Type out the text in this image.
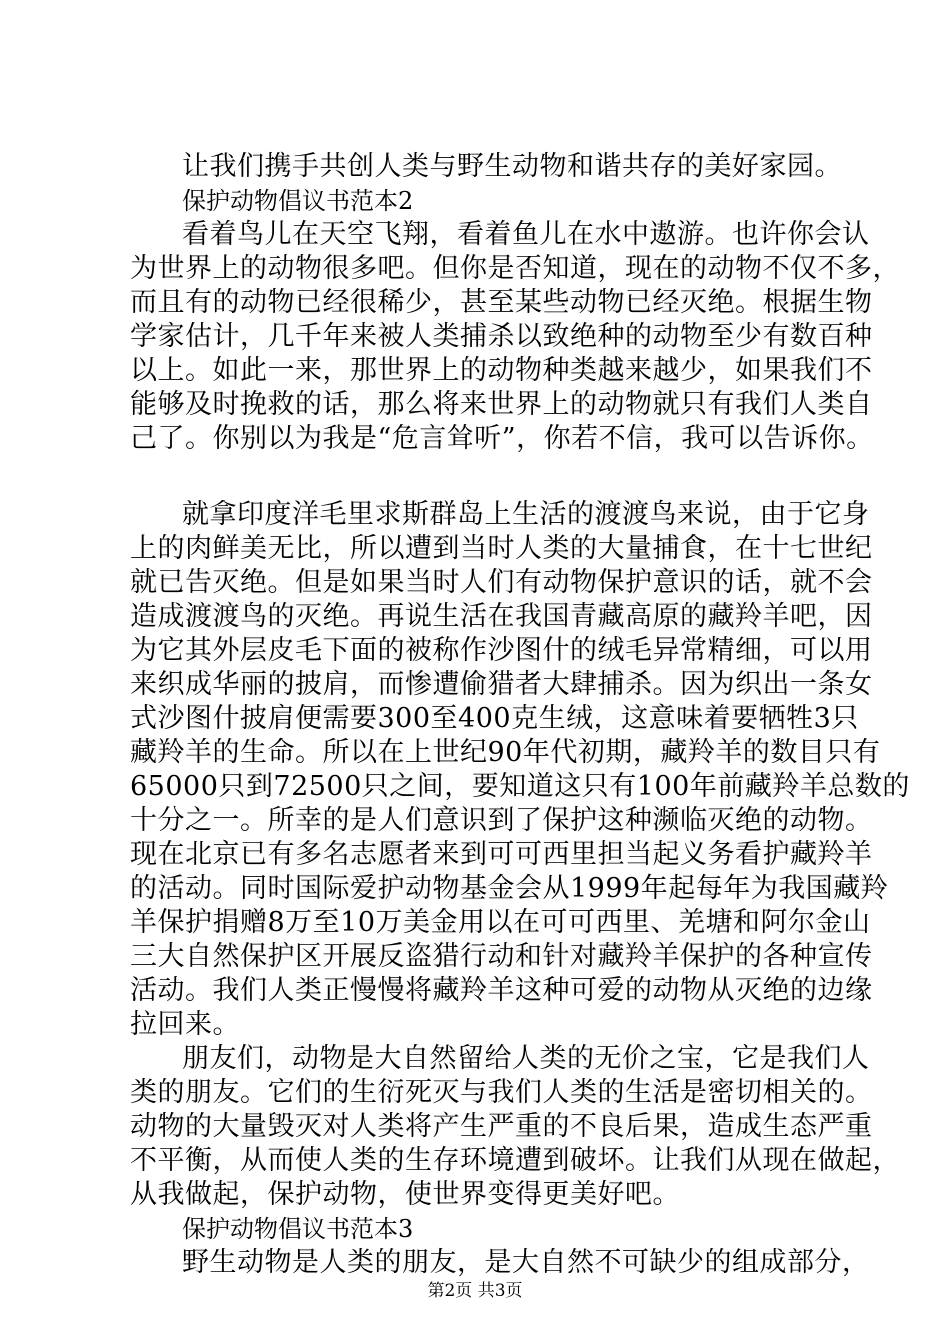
让我们携手共创人类与野生动物和谐共存的美好家园。
保护动物倡议书范本2
看着鸟儿在天空飞翔，看着鱼儿在水中遨游。也许你会认
为世界上的动物很多吧。但你是否知道，现在的动物不仅不多，
而且有的动物已经很稀少，甚至某些动物已经灭绝。根据生物
学家估计，几千年来被人类捕杀以致绝种的动物至少有数百种
以上。如此一来，那世界上的动物种类越来越少，如果我们不
能够及时挽救的话，那么将来世界上的动物就只有我们人类自
己了。你别以为我是“危言耸听”，你若不信，我可以告诉你。
就拿印度洋毛里求斯群岛上生活的渡渡鸟来说，由于它身
上的肉鲜美无比，所以遭到当时人类的大量捕食，在十七世纪
就已告灭绝。但是如果当时人们有动物保护意识的话，就不会
造成渡渡鸟的灭绝。再说生活在我国青藏高原的藏羚羊吧，因
为它其外层皮毛下面的被称作沙图什的绒毛异常精细，可以用
来织成华丽的披肩，而惨遭偷猎者大肆捕杀。因为织出一条女
式沙图什披肩便需要300至400克生绒，这意味着要牺牲3只
藏羚羊的生命。所以在上世纪90年代初期，藏羚羊的数目只有
65000只到72500只之间，要知道这只有100年前藏羚羊总数的
十分之一。所幸的是人们意识到了保护这种濒临灭绝的动物。
现在北京已有多名志愿者来到可可西里担当起义务看护藏羚羊
的活动。同时国际爱护动物基金会从1999年起每年为我国藏羚
羊保护捐赠8万至10万美金用以在可可西里、羌塘和阿尔金山
三大自然保护区开展反盗猎行动和针对藏羚羊保护的各种宣传
活动。我们人类正慢慢将藏羚羊这种可爱的动物从灭绝的边缘
拉回来。
朋友们，动物是大自然留给人类的无价之宝，它是我们人
类的朋友。它们的生衍死灭与我们人类的生活是密切相关的。
动物的大量毁灭对人类将产生严重的不良后果，造成生态严重
不平衡，从而使人类的生存环境遭到破坏。让我们从现在做起，
从我做起，保护动物，使世界变得更美好吧。
保护动物倡议书范本3
野生动物是人类的朋友，是大自然不可缺少的组成部分，
第2页 共3页
